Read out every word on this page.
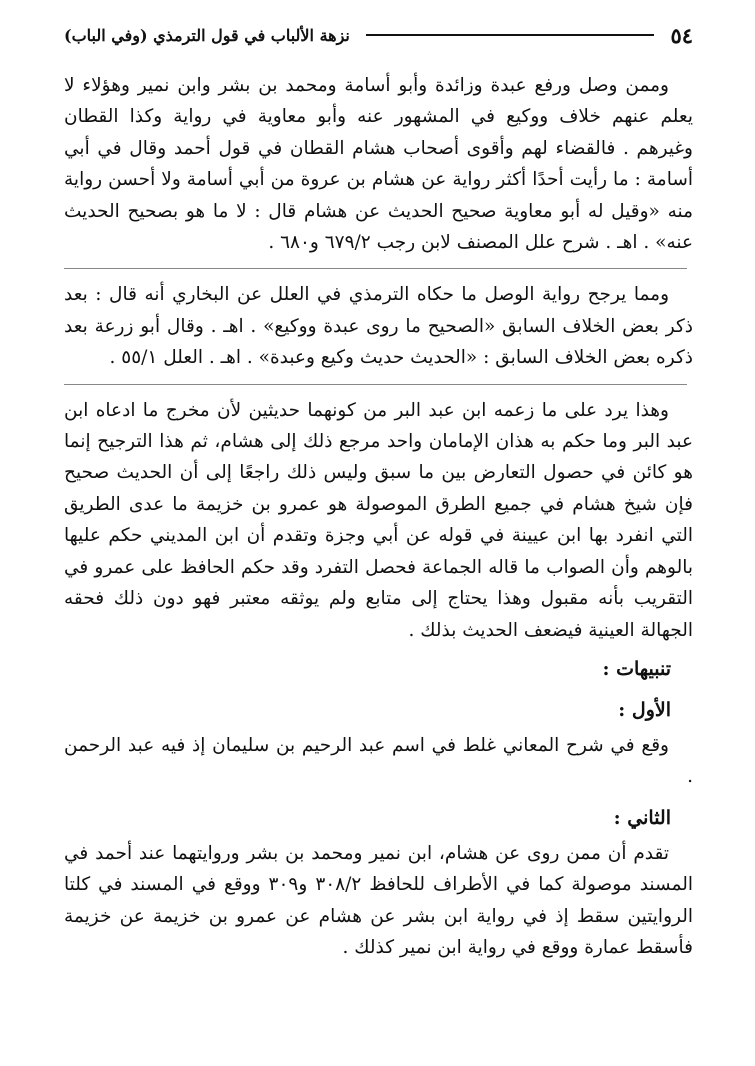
٥٤
نزهة الألباب في قول الترمذي (وفي الباب)

وممن وصل ورفع عبدة وزائدة وأبو أسامة ومحمد بن بشر وابن نمير وهؤلاء لا يعلم عنهم خلاف ووكيع في المشهور عنه وأبو معاوية في رواية وكذا القطان وغيرهم . فالقضاء لهم وأقوى أصحاب هشام القطان في قول أحمد وقال في أبي أسامة : ما رأيت أحدًا أكثر رواية عن هشام بن عروة من أبي أسامة ولا أحسن رواية منه «وقيل له أبو معاوية صحيح الحديث عن هشام قال : لا ما هو بصحيح الحديث عنه» . اهـ . شرح علل المصنف لابن رجب ٦٧٩/٢ و٦٨٠ .

ومما يرجح رواية الوصل ما حكاه الترمذي في العلل عن البخاري أنه قال : بعد ذكر بعض الخلاف السابق «الصحيح ما روى عبدة ووكيع» . اهـ . وقال أبو زرعة بعد ذكره بعض الخلاف السابق : «الحديث حديث وكيع وعبدة» . اهـ . العلل ٥٥/١ .

وهذا يرد على ما زعمه ابن عبد البر من كونهما حديثين لأن مخرج ما ادعاه ابن عبد البر وما حكم به هذان الإمامان واحد مرجع ذلك إلى هشام، ثم هذا الترجيح إنما هو كائن في حصول التعارض بين ما سبق وليس ذلك راجعًا إلى أن الحديث صحيح فإن شيخ هشام في جميع الطرق الموصولة هو عمرو بن خزيمة ما عدى الطريق التي انفرد بها ابن عيينة في قوله عن أبي وجزة وتقدم أن ابن المديني حكم عليها بالوهم وأن الصواب ما قاله الجماعة فحصل التفرد وقد حكم الحافظ على عمرو في التقريب بأنه مقبول وهذا يحتاج إلى متابع ولم يوثقه معتبر فهو دون ذلك فحقه الجهالة العينية فيضعف الحديث بذلك .

تنبيهات :
الأول :

وقع في شرح المعاني غلط في اسم عبد الرحيم بن سليمان إذ فيه عبد الرحمن .

الثاني :

تقدم أن ممن روى عن هشام، ابن نمير ومحمد بن بشر وروايتهما عند أحمد في المسند موصولة كما في الأطراف للحافظ ٣٠٨/٢ و٣٠٩ ووقع في المسند في كلتا الروايتين سقط إذ في رواية ابن بشر عن هشام عن عمرو بن خزيمة عن خزيمة فأسقط عمارة ووقع في رواية ابن نمير كذلك .
